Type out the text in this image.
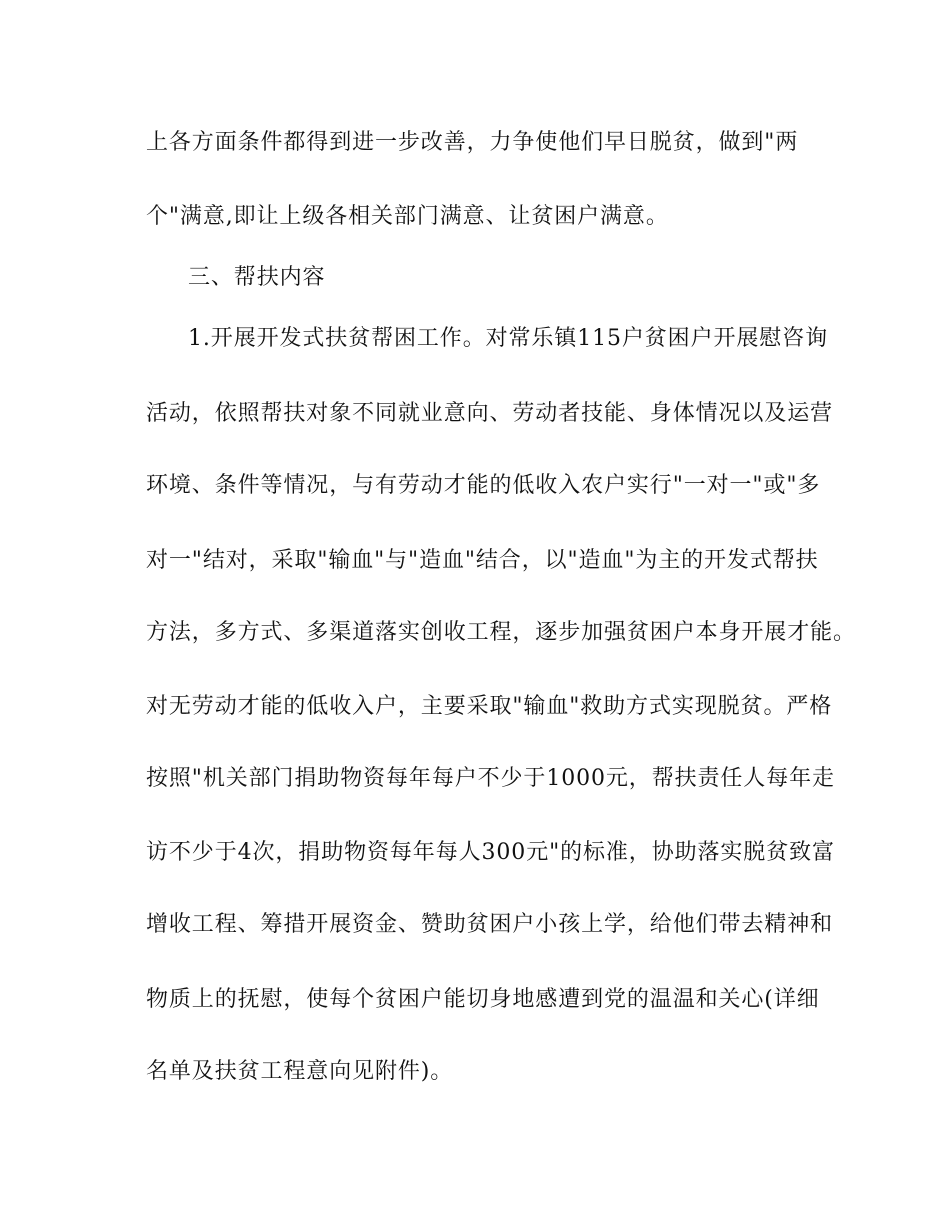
上各方面条件都得到进一步改善，力争使他们早日脱贫，做到"两
个"满意,即让上级各相关部门满意、让贫困户满意。
三、帮扶内容
1.开展开发式扶贫帮困工作。对常乐镇115户贫困户开展慰咨询
活动，依照帮扶对象不同就业意向、劳动者技能、身体情况以及运营
环境、条件等情况，与有劳动才能的低收入农户实行"一对一"或"多
对一"结对，采取"输血"与"造血"结合，以"造血"为主的开发式帮扶
方法，多方式、多渠道落实创收工程，逐步加强贫困户本身开展才能。
对无劳动才能的低收入户，主要采取"输血"救助方式实现脱贫。严格
按照"机关部门捐助物资每年每户不少于1000元，帮扶责任人每年走
访不少于4次，捐助物资每年每人300元"的标准，协助落实脱贫致富
增收工程、筹措开展资金、赞助贫困户小孩上学，给他们带去精神和
物质上的抚慰，使每个贫困户能切身地感遭到党的温温和关心(详细
名单及扶贫工程意向见附件)。
